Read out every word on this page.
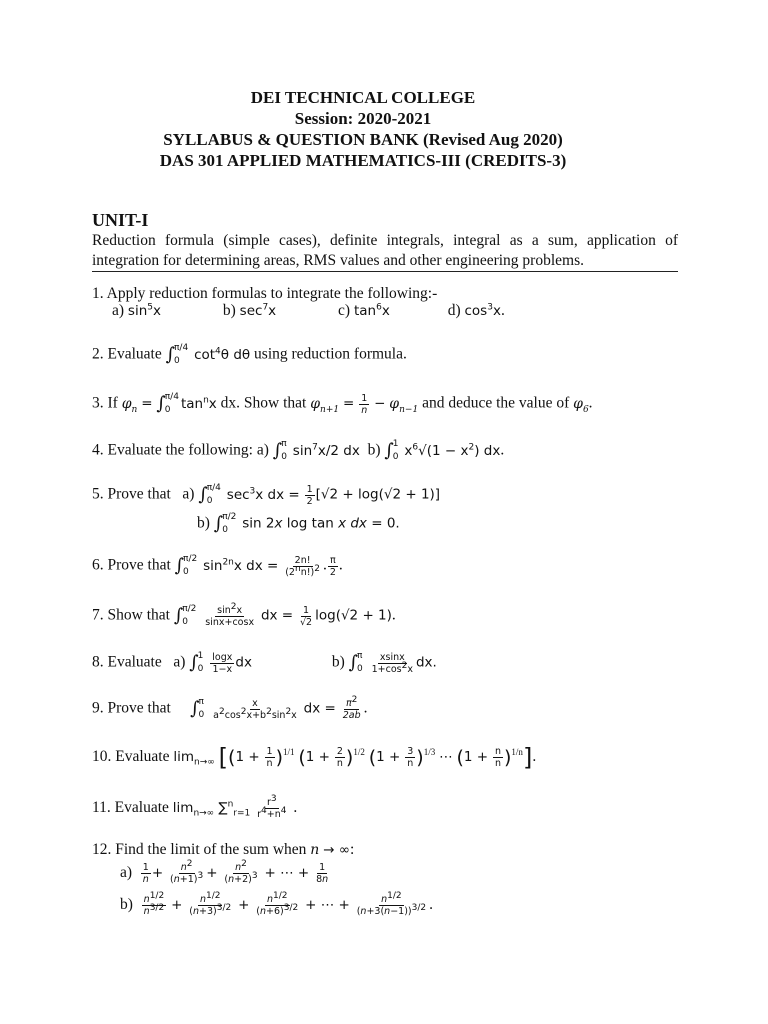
DEI TECHNICAL COLLEGE
Session: 2020-2021
SYLLABUS & QUESTION BANK (Revised Aug 2020)
DAS 301 APPLIED MATHEMATICS-III (CREDITS-3)
UNIT-I
Reduction formula (simple cases), definite integrals, integral as a sum, application of
integration for determining areas, RMS values and other engineering problems.
1. Apply reduction formulas to integrate the following:-
a) $\sin^5x$	b) $\sec^7x$	c) $\tan^6x$	d) $\cos^3x$.
2. Evaluate ∫ π/4
0	$\cot^4\theta$ dθ using reduction formula.
3. If $\varphi_n$ = ∫ π/4
0 $\tan^nx$ dx. Show that $\varphi_{n+1} = \frac{1}{n} - \varphi_{n-1}$ and deduce the value of $\varphi_6$.
4. Evaluate the following: a) ∫ π
0 $\sin^7x/2$ dx  b) ∫ 1
0 $x^6√(1 - x^2)$ dx.
5. Prove that   a) ∫ π/4
0	$\sec^3x$ dx = $\frac{1}{2} [√2 + \log(√2 + 1)]$
b) ∫ π/2
0	sin 2x log tan x dx = 0.
6. Prove that ∫ π/2
0	$\sin^{2n}x$ dx = $\frac{2n!}{(2^nn!)^2}$ . $\frac{\pi}{2}$ .
7. Show that ∫ π/2
0
	$\frac{\sin^2x}{\sin x+\cos x}$ dx = $\frac{1}{√2} \log(√2 + 1)$.
8. Evaluate   a) ∫ 1
0
$\frac{\log x}{1-x}$ dx	b) ∫ π
0
$\frac{xsinx}{1+\cos^2x}$ dx.
9. Prove that ∫ π
0
$\frac{x}{a^2\cos^2x+b^2\sin^2x}$ dx = $\frac{\pi^2}{2ab}$ .
10. Evaluate $\lim_{n\to\infty} [(1 + \frac{1}{n} )^{1/1}$ $(1 + \frac{2}{n} )^{1/2}$ $(1 + \frac{3}{n} )^{1/3}$ ⋯ $(1 + \frac{n}{n} )^{1/n}$].
11. Evaluate $\lim_{n\to\infty} \sum^n_{r=1} \frac{r^3}{r^4+n^4}$ .
12. Find the limit of the sum when n → ∞:
$a) \frac{1}{n} + \frac{n^2}{(n+1)^3} + \frac{n^2}{(n+2)^3}$ + ⋯ + $\frac{1}{8n}$
$b) \frac{n^{1/2}}{n^{3/2}} + \frac{n^{1/2}}{(n+3)^{3/2}} + \frac{n^{1/2}}{(n+6)^{3/2}}$ + ⋯ + $\frac{n^{1/2}}{(n+3(n-1))^{3/2}}$ .
